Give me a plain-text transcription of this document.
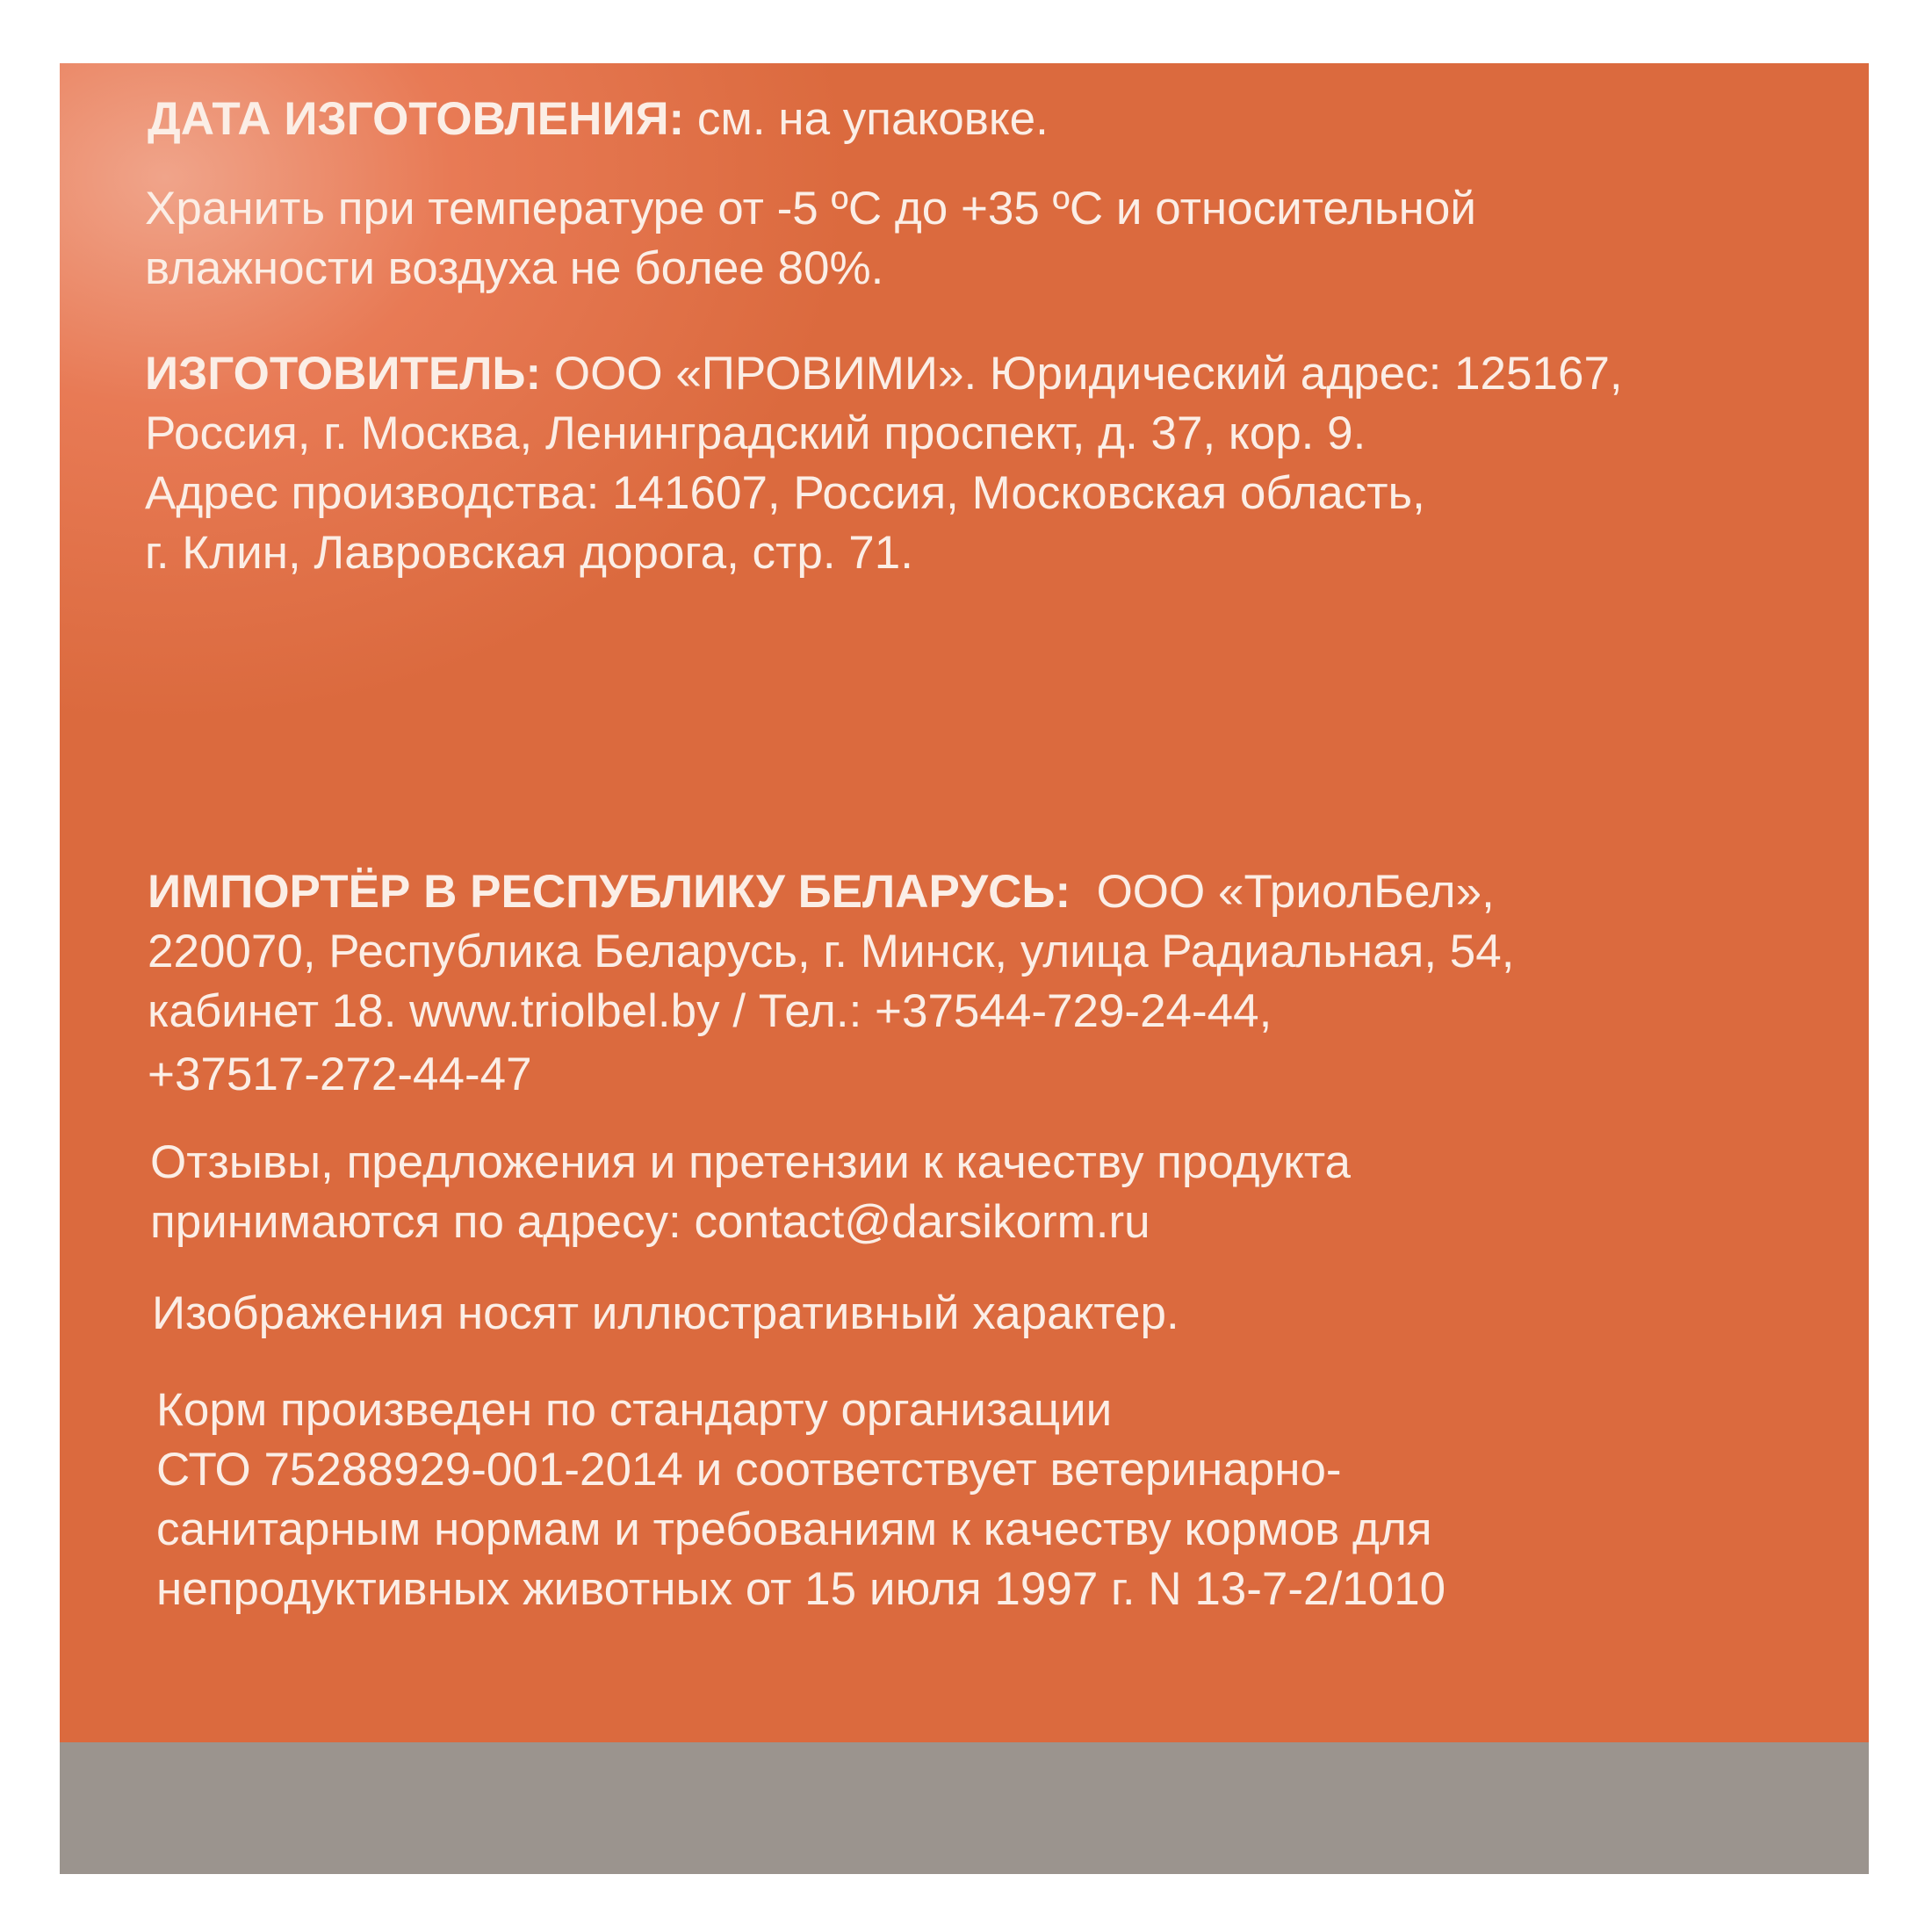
ДАТА ИЗГОТОВЛЕНИЯ: см. на упаковке.

Хранить при температуре от -5 ºС до +35 ºС и относительной
влажности воздуха не более 80%.

ИЗГОТОВИТЕЛЬ: ООО «ПРОВИМИ». Юридический адрес: 125167,
Россия, г. Москва, Ленинградский проспект, д. 37, кор. 9.
Адрес производства: 141607, Россия, Московская область,
г. Клин, Лавровская дорога, стр. 71.

ИМПОРТЁР В РЕСПУБЛИКУ БЕЛАРУСЬ:  ООО «ТриолБел»,
220070, Республика Беларусь, г. Минск, улица Радиальная, 54,
кабинет 18. www.triolbel.by / Тел.: +37544-729-24-44,

+37517-272-44-47

Отзывы, предложения и претензии к качеству продукта
принимаются по адресу: contact@darsikorm.ru

Изображения носят иллюстративный характер.

Корм произведен по стандарту организации
СТО 75288929-001-2014 и соответствует ветеринарно-
санитарным нормам и требованиям к качеству кормов для
непродуктивных животных от 15 июля 1997 г. N 13-7-2/1010
